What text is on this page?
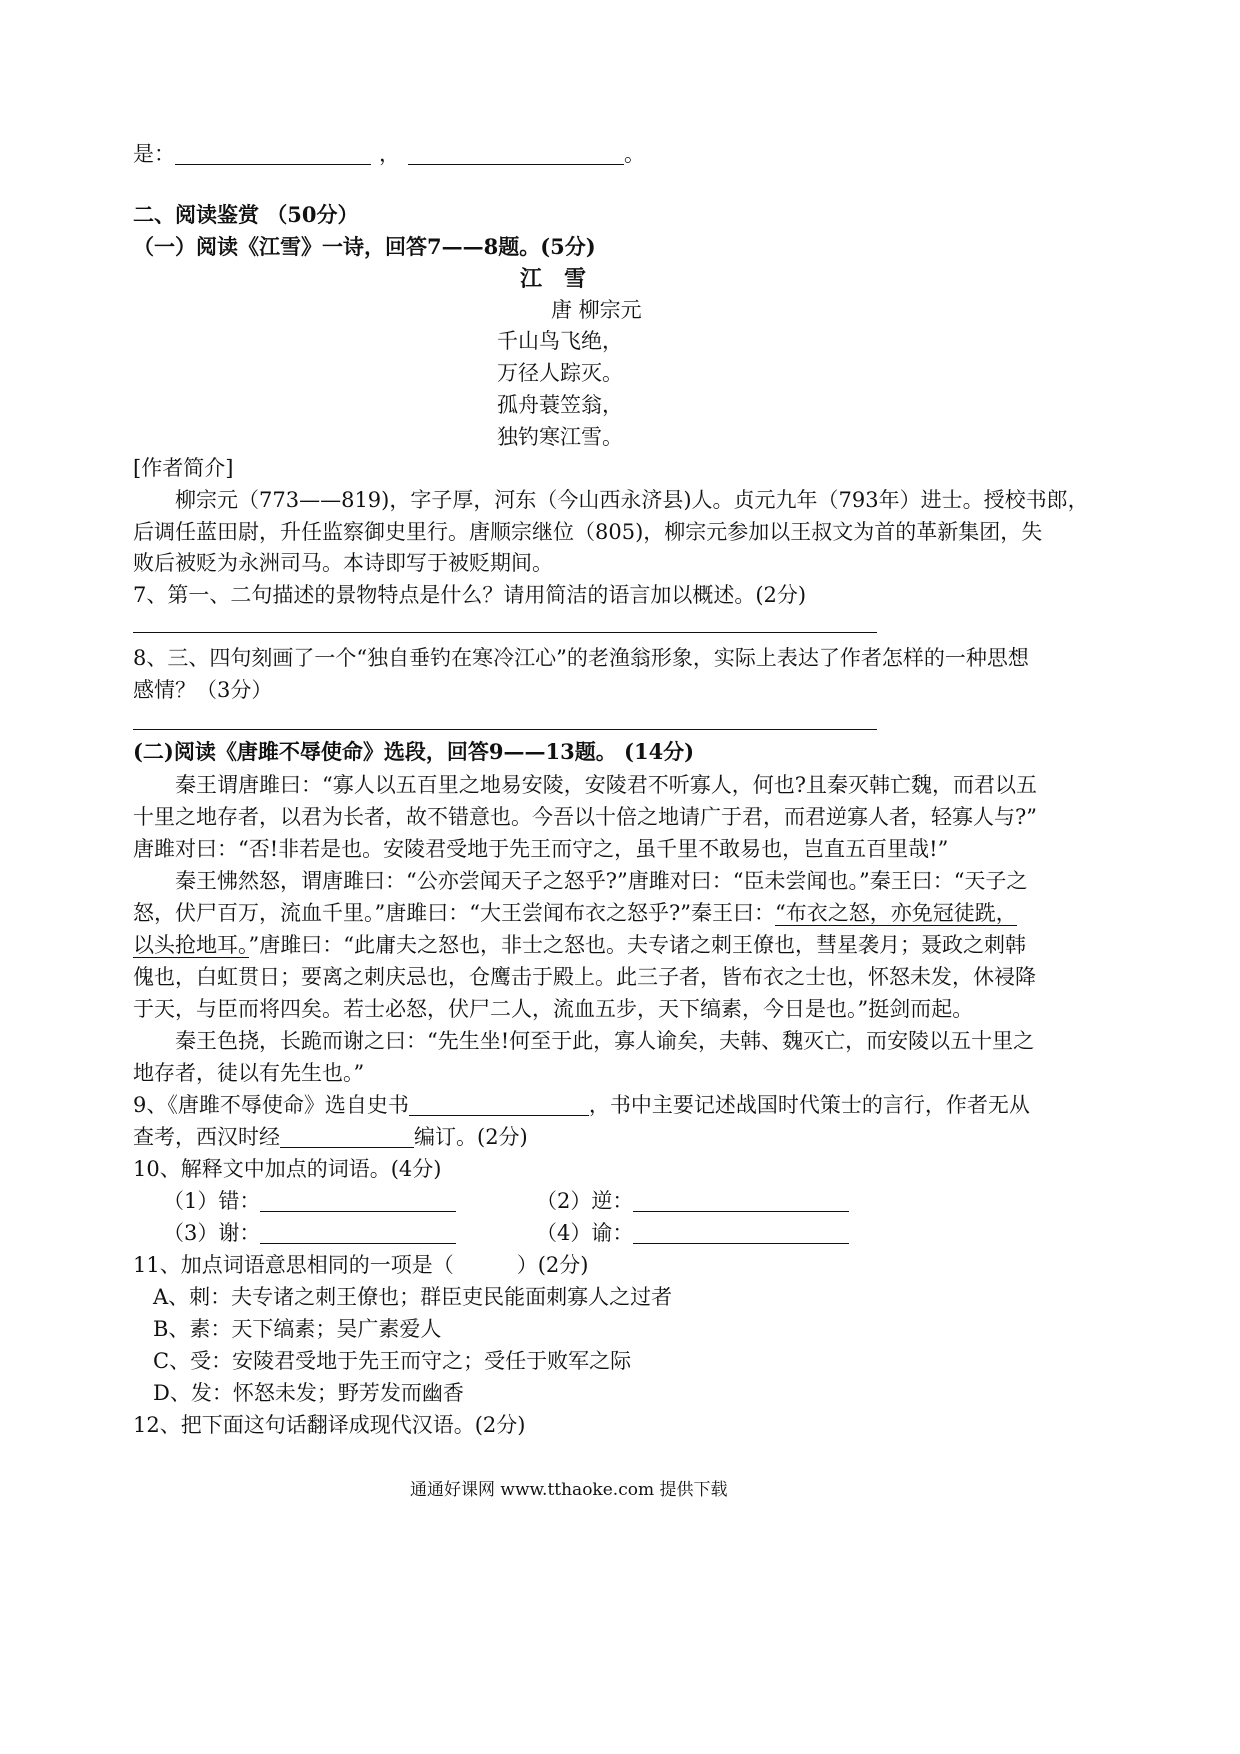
是：	，	。
二、阅读鉴赏 （50分）
（一）阅读《江雪》一诗，回答7——8题。(5分)
江　雪
唐 柳宗元
千山鸟飞绝，
万径人踪灭。
孤舟蓑笠翁，
独钓寒江雪。
[作者简介]
柳宗元（773——819)，字子厚，河东（今山西永济县)人。贞元九年（793年）进士。授校书郎，
后调任蓝田尉，升任监察御史里行。唐顺宗继位（805)，柳宗元参加以王叔文为首的革新集团，失
败后被贬为永洲司马。本诗即写于被贬期间。
7、第一、二句描述的景物特点是什么？请用简洁的语言加以概述。(2分)
8、三、四句刻画了一个“独自垂钓在寒冷江心”的老渔翁形象，实际上表达了作者怎样的一种思想
感情？（3分）
(二)阅读《唐雎不辱使命》选段，回答9——13题。 (14分)
秦王谓唐雎曰：“寡人以五百里之地易安陵，安陵君不听寡人，何也?且秦灭韩亡魏，而君以五
十里之地存者，以君为长者，故不错意也。今吾以十倍之地请广于君，而君逆寡人者，轻寡人与?”
唐雎对曰：“否!非若是也。安陵君受地于先王而守之，虽千里不敢易也，岂直五百里哉!”
秦王怫然怒，谓唐雎曰：“公亦尝闻天子之怒乎?”唐雎对曰：“臣未尝闻也。”秦王曰：“天子之
怒，伏尸百万，流血千里。”唐雎曰：“大王尝闻布衣之怒乎?”秦王曰：“布衣之怒，亦免冠徒跣，
以头抢地耳。”唐雎曰：“此庸夫之怒也，非士之怒也。夫专诸之刺王僚也，彗星袭月；聂政之刺韩
傀也，白虹贯日；要离之刺庆忌也，仓鹰击于殿上。此三子者，皆布衣之士也，怀怒未发，休祲降
于天，与臣而将四矣。若士必怒，伏尸二人，流血五步，天下缟素，今日是也。”挺剑而起。
秦王色挠，长跪而谢之曰：“先生坐!何至于此，寡人谕矣，夫韩、魏灭亡，而安陵以五十里之
地存者，徒以有先生也。”
9、《唐雎不辱使命》选自史书	，书中主要记述战国时代策士的言行，作者无从
查考，西汉时经	编订。(2分)
10、解释文中加点的词语。(4分)
（1）错：	（2）逆：
（3）谢：	（4）谕：
11、加点词语意思相同的一项是（　　　）(2分)
A、刺：夫专诸之刺王僚也；群臣吏民能面刺寡人之过者
B、素：天下缟素；吴广素爱人
C、受：安陵君受地于先王而守之；受任于败军之际
D、发：怀怒未发；野芳发而幽香
12、把下面这句话翻译成现代汉语。(2分)
通通好课网 www.tthaoke.com 提供下载
